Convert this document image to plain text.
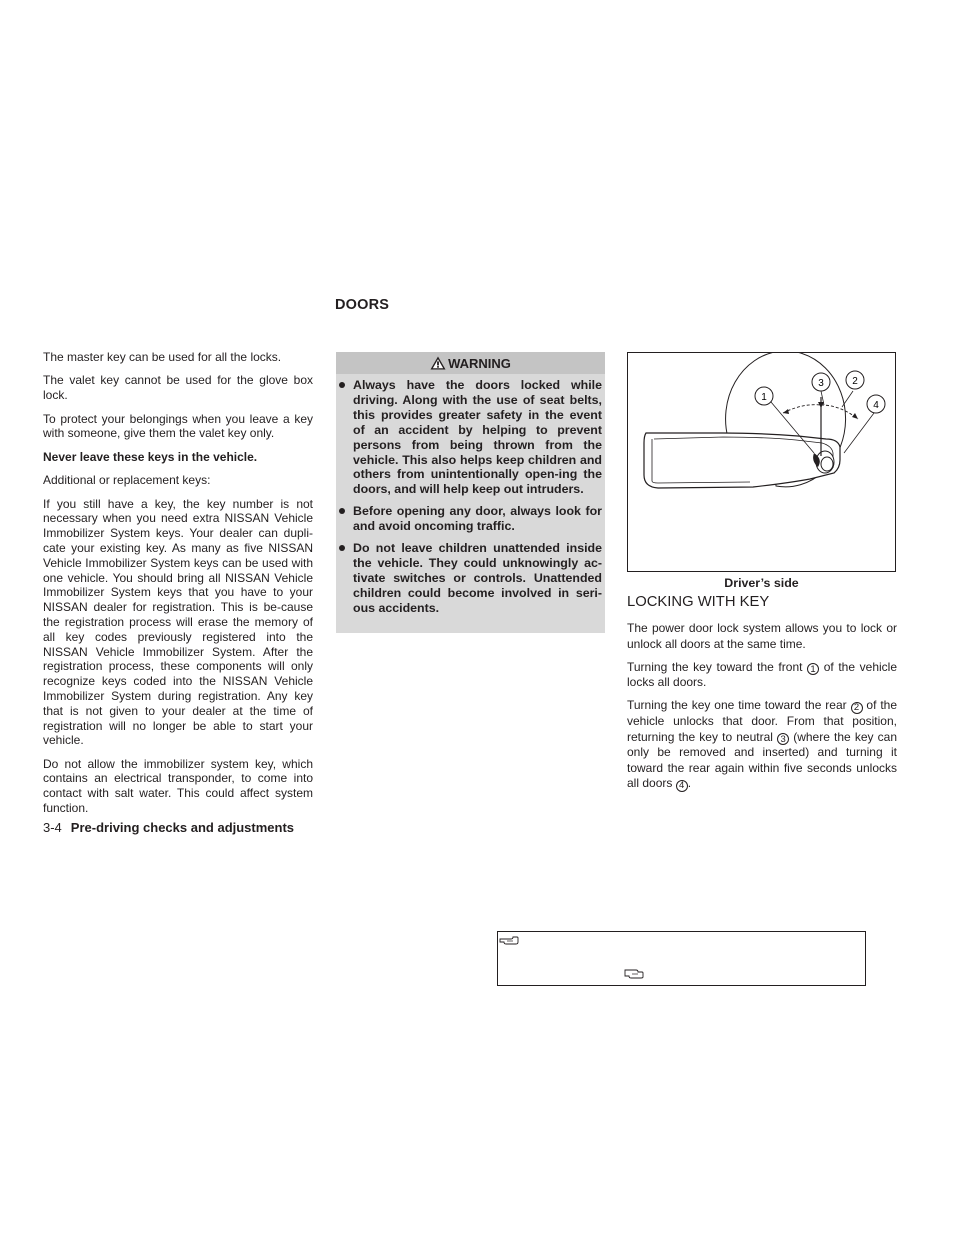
DOORS

The master key can be used for all the locks.

The valet key cannot be used for the glove box lock.

To protect your belongings when you leave a key with someone, give them the valet key only.

Never leave these keys in the vehicle.

Additional or replacement keys:

If you still have a key, the key number is not necessary when you need extra NISSAN Vehicle Immobilizer System keys. Your dealer can dupli-cate your existing key. As many as five NISSAN Vehicle Immobilizer System keys can be used with one vehicle. You should bring all NISSAN Vehicle Immobilizer System keys that you have to your NISSAN dealer for registration. This is be-cause the registration process will erase the memory of all key codes previously registered into the NISSAN Vehicle Immobilizer System. After the registration process, these components will only recognize keys coded into the NISSAN Vehicle Immobilizer System during registration. Any key that is not given to your dealer at the time of registration will no longer be able to start your vehicle.

Do not allow the immobilizer system key, which contains an electrical transponder, to come into contact with salt water. This could affect system function.

WARNING
Always have the doors locked while driving. Along with the use of seat belts, this provides greater safety in the event of an accident by helping to prevent persons from being thrown from the vehicle. This also helps keep children and others from unintentionally open-ing the doors, and will help keep out intruders.
Before opening any door, always look for and avoid oncoming traffic.
Do not leave children unattended inside the vehicle. They could unknowingly ac-tivate switches or controls. Unattended children could become involved in seri-ous accidents.
1
3	2
4
Driver’s side
LOCKING WITH KEY

The power door lock system allows you to lock or unlock all doors at the same time.

Turning the key toward the front 1 of the vehicle locks all doors.

Turning the key one time toward the rear 2 of the vehicle unlocks that door. From that position, returning the key to neutral 3 (where the key can only be removed and inserted) and turning it toward the rear again within five seconds unlocks all doors 4 .

3-4 Pre-driving checks and adjustments
